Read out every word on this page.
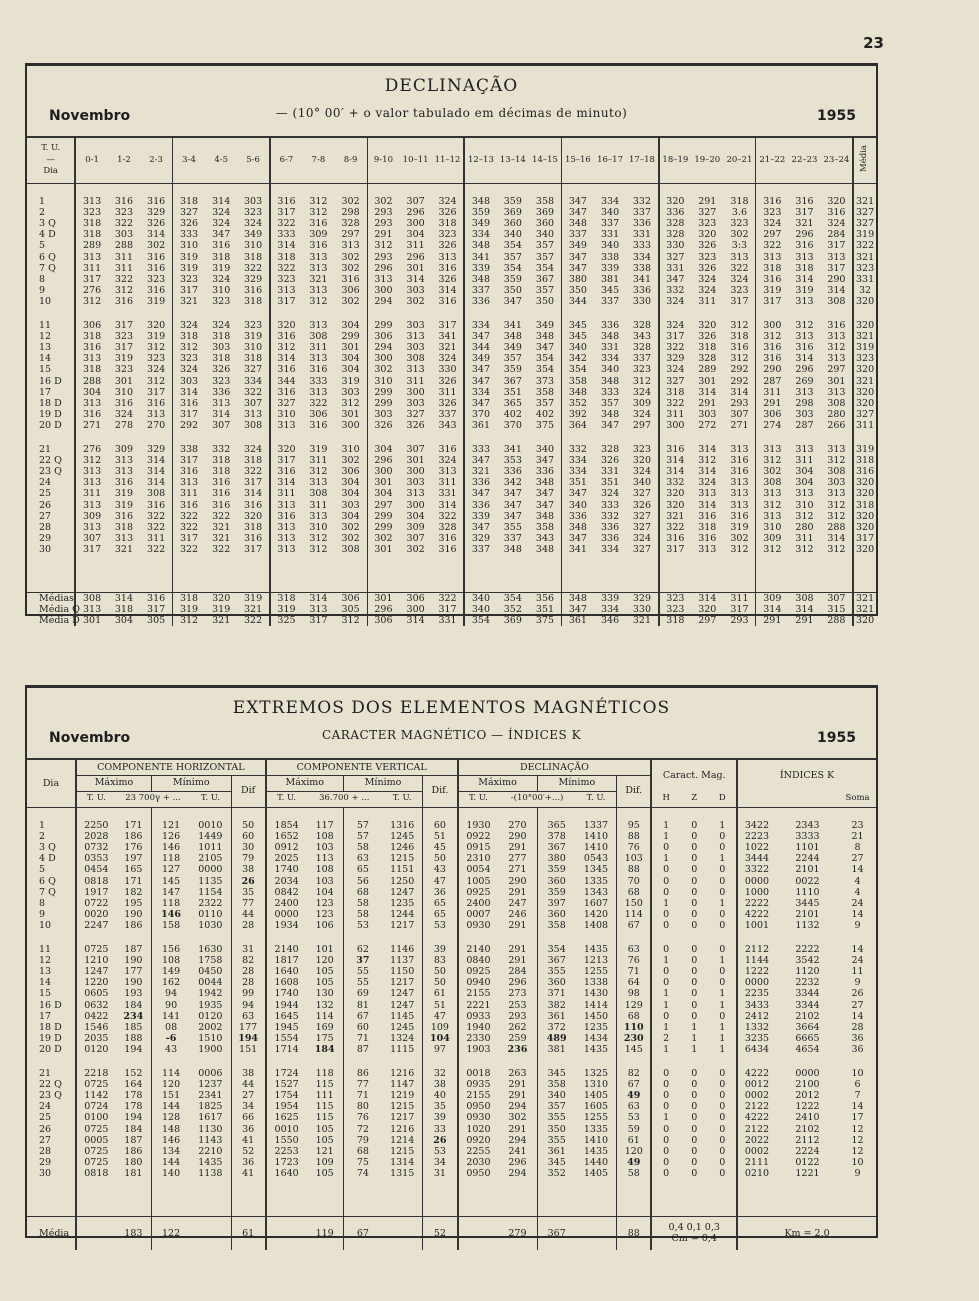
23
DECLINAÇÃO
Novembro	— (10° 00′ + o valor tabulado em décimas de minuto)	1955
T. U.
—
Dia	0-1	1-2	2-3	3-4	4-5	5-6	6-7	7-8	8-9	9-10	10–11	11–12	12–13	13–14	14–15	15–16	16–17	17–18	18–19	19–20	20–21	21–22	22–23	23–24	Média

1	313	316	316	318	314	303	316	312	302	302	307	324	348	359	358	347	334	332	320	291	318	316	316	320	321
2	323	323	329	327	324	323	317	312	298	293	296	326	359	369	369	347	340	337	336	327	3.6	323	317	316	327
3 Q	318	322	326	326	324	324	322	316	328	293	300	318	349	360	360	348	337	336	328	323	323	324	321	324	327
4 D	318	303	314	333	347	349	333	309	297	291	304	323	334	340	340	337	331	331	328	320	302	297	296	284	319
5	289	288	302	310	316	310	314	316	313	312	311	326	348	354	357	349	340	333	330	326	3:3	322	316	317	322
6 Q	313	311	316	319	318	318	318	313	302	293	296	313	341	357	357	347	338	334	327	323	313	313	313	313	321
7 Q	311	311	316	319	319	322	322	313	302	296	301	316	339	354	354	347	339	338	331	326	322	318	318	317	323
8	317	322	323	323	324	329	323	321	316	313	314	326	348	359	367	380	381	341	347	324	324	316	314	290	331
9	276	312	316	317	310	316	313	313	306	300	303	314	337	350	357	350	345	336	332	324	323	319	319	314	32
10	312	316	319	321	323	318	317	312	302	294	302	316	336	347	350	344	337	330	324	311	317	317	313	308	320

11	306	317	320	324	324	323	320	313	304	299	303	317	334	341	349	345	336	328	324	320	312	300	312	316	320
12	318	323	319	318	318	319	316	308	299	306	313	341	347	348	348	345	348	343	317	326	318	312	313	313	321
13	316	317	312	312	303	310	312	311	301	294	303	321	344	349	347	340	331	328	322	318	316	316	316	312	319
14	313	319	323	323	318	318	314	313	304	300	308	324	349	357	354	342	334	337	329	328	312	316	314	313	323
15	318	323	324	324	326	327	316	316	304	302	313	330	347	359	354	354	340	323	324	289	292	290	296	297	320
16 D	288	301	312	303	323	334	344	333	319	310	311	326	347	367	373	358	348	312	327	301	292	287	269	301	321
17	304	310	317	314	336	322	316	313	303	299	300	311	334	351	358	348	333	324	318	314	314	311	313	313	320
18 D	313	316	316	316	313	307	327	322	312	299	303	326	347	365	357	352	357	309	322	291	293	291	298	308	320
19 D	316	324	313	317	314	313	310	306	301	303	327	337	370	402	402	392	348	324	311	303	307	306	303	280	327
20 D	271	278	270	292	307	308	313	316	300	326	326	343	361	370	375	364	347	297	300	272	271	274	287	266	311

21	276	309	329	338	332	324	320	319	310	304	307	316	333	341	340	332	328	323	316	314	313	313	313	313	319
22 Q	312	313	314	317	318	318	317	311	302	296	301	324	347	353	347	334	326	320	314	312	316	312	311	312	318
23 Q	313	313	314	316	318	322	316	312	306	300	300	313	321	336	336	334	331	324	314	314	316	302	304	308	316
24	313	316	314	313	316	317	314	313	304	301	303	311	336	342	348	351	351	340	332	324	313	308	304	303	320
25	311	319	308	311	316	314	311	308	304	304	313	331	347	347	347	347	324	327	320	313	313	313	313	313	320
26	313	319	316	316	316	316	313	311	303	297	300	314	336	347	347	340	333	326	320	314	313	312	310	312	318
27	309	316	322	322	322	320	316	313	304	299	304	322	339	347	348	336	332	327	321	316	316	313	312	312	320
28	313	318	322	322	321	318	313	310	302	299	309	328	347	355	358	348	336	327	322	318	319	310	280	288	320
29	307	313	311	317	321	316	313	312	302	302	307	316	329	337	343	347	336	324	316	316	302	309	311	314	317
30	317	321	322	322	322	317	313	312	308	301	302	316	337	348	348	341	334	327	317	313	312	312	312	312	320

Médias	308	314	316	318	320	319	318	314	306	301	306	322	340	354	356	348	339	329	323	314	311	309	308	307	321
Média Q	313	318	317	319	319	321	319	313	305	296	300	317	340	352	351	347	334	330	323	320	317	314	314	315	321
Média D	301	304	305	312	321	322	325	317	312	306	314	331	354	369	375	361	346	321	318	297	293	291	291	288	320
EXTREMOS DOS ELEMENTOS MAGNÉTICOS
Novembro	CARACTER MAGNÉTICO — ÍNDICES K	1955
Dia	COMPONENTE HORIZONTAL					COMPONENTE VERTICAL					DECLINAÇÃO					Caract. Mag.			ÍNDICES K		
	Máximo		Mínimo		Dif	Máximo		Mínimo		Dif.	Máximo		Mínimo		Dif.						
	T. U.	23 700γ + ...		T. U.		T. U.	36.700 + ...		T. U.		T. U.	-(10°00′+...)		T. U.		H	Z	D			Soma

1	2250	171	121	0010	50	1854	117	57	1316	60	1930	270	365	1337	95	1	0	1	3422	2343	23
2	2028	186	126	1449	60	1652	108	57	1245	51	0922	290	378	1410	88	1	0	0	2223	3333	21
3 Q	0732	176	146	1011	30	0912	103	58	1246	45	0915	291	367	1410	76	0	0	0	1022	1101	8
4 D	0353	197	118	2105	79	2025	113	63	1215	50	2310	277	380	0543	103	1	0	1	3444	2244	27
5	0454	165	127	0000	38	1740	108	65	1151	43	0054	271	359	1345	88	0	0	0	3322	2101	14
6 Q	0818	171	145	1135	26	2034	103	56	1250	47	1005	290	360	1335	70	0	0	0	0000	0022	4
7 Q	1917	182	147	1154	35	0842	104	68	1247	36	0925	291	359	1343	68	0	0	0	1000	1110	4
8	0722	195	118	2322	77	2400	123	58	1235	65	2400	247	397	1607	150	1	0	1	2222	3445	24
9	0020	190	146	0110	44	0000	123	58	1244	65	0007	246	360	1420	114	0	0	0	4222	2101	14
10	2247	186	158	1030	28	1934	106	53	1217	53	0930	291	358	1408	67	0	0	0	1001	1132	9

11	0725	187	156	1630	31	2140	101	62	1146	39	2140	291	354	1435	63	0	0	0	2112	2222	14
12	1210	190	108	1758	82	1817	120	37	1137	83	0840	291	367	1213	76	1	0	1	1144	3542	24
13	1247	177	149	0450	28	1640	105	55	1150	50	0925	284	355	1255	71	0	0	0	1222	1120	11
14	1220	190	162	0044	28	1608	105	55	1217	50	0940	296	360	1338	64	0	0	0	0000	2232	9
15	0605	193	94	1942	99	1740	130	69	1247	61	2155	273	371	1430	98	1	0	1	2235	3344	26
16 D	0632	184	90	1935	94	1944	132	81	1247	51	2221	253	382	1414	129	1	0	1	3433	3344	27
17	0422	234	141	0120	63	1645	114	67	1145	47	0933	293	361	1450	68	0	0	0	2412	2102	14
18 D	1546	185	08	2002	177	1945	169	60	1245	109	1940	262	372	1235	110	1	1	1	1332	3664	28
19 D	2035	188	-6	1510	194	1554	175	71	1324	104	2330	259	489	1434	230	2	1	1	3235	6665	36
20 D	0120	194	43	1900	151	1714	184	87	1115	97	1903	236	381	1435	145	1	1	1	6434	4654	36

21	2218	152	114	0006	38	1724	118	86	1216	32	0018	263	345	1325	82	0	0	0	4222	0000	10
22 Q	0725	164	120	1237	44	1527	115	77	1147	38	0935	291	358	1310	67	0	0	0	0012	2100	6
23 Q	1142	178	151	2341	27	1754	111	71	1219	40	2155	291	340	1405	49	0	0	0	0002	2012	7
24	0724	178	144	1825	34	1954	115	80	1215	35	0950	294	357	1605	63	0	0	0	2122	1222	14
25	0100	194	128	1617	66	1625	115	76	1217	39	0930	302	355	1255	53	1	0	0	4222	2410	17
26	0725	184	148	1130	36	0010	105	72	1216	33	1020	291	350	1335	59	0	0	0	2122	2102	12
27	0005	187	146	1143	41	1550	105	79	1214	26	0920	294	355	1410	61	0	0	0	2022	2112	12
28	0725	186	134	2210	52	2253	121	68	1215	53	2255	241	361	1435	120	0	0	0	0002	2224	12
29	0725	180	144	1435	36	1723	109	75	1314	34	2030	296	345	1440	49	0	0	0	2111	0122	10
30	0818	181	140	1138	41	1640	105	74	1315	31	0950	294	352	1405	58	0	0	0	0210	1221	9

Média		183	122		61		119	67		52		279	367		88	0,4 0,1 0,3
Cm = 0,4			Km = 2,0		
